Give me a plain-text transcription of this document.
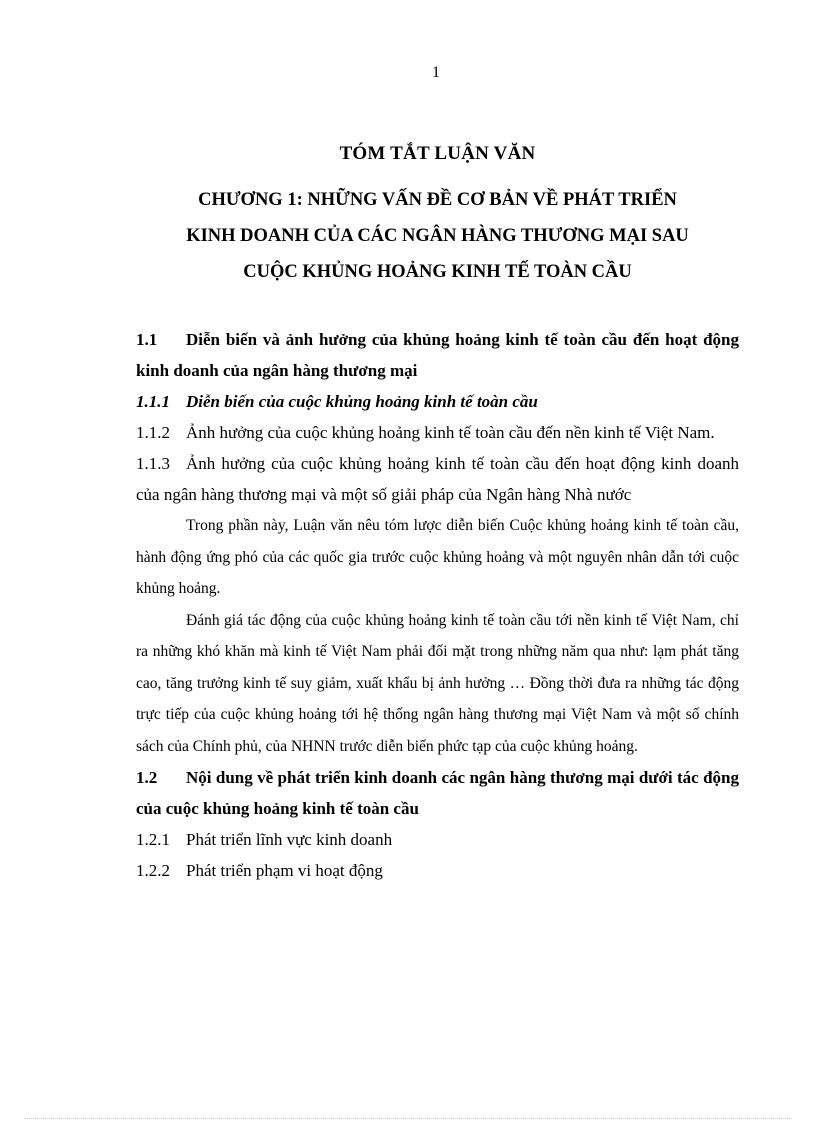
1
TÓM TẮT LUẬN VĂN
CHƯƠNG 1: NHỮNG VẤN ĐỀ CƠ BẢN VỀ PHÁT TRIỂN
KINH DOANH CỦA CÁC NGÂN HÀNG THƯƠNG MẠI SAU
CUỘC KHỦNG HOẢNG KINH TẾ TOÀN CẦU

1.1 Diễn biến và ảnh hưởng của khủng hoảng kinh tế toàn cầu đến hoạt động kinh doanh của ngân hàng thương mại

1.1.1 Diễn biến của cuộc khủng hoảng kinh tế toàn cầu

1.1.2 Ảnh hưởng của cuộc khủng hoảng kinh tế toàn cầu đến nền kinh tế Việt Nam.

1.1.3 Ảnh hưởng của cuộc khủng hoảng kinh tế toàn cầu đến hoạt động kinh doanh của ngân hàng thương mại và một số giải pháp của Ngân hàng Nhà nước

Trong phần này, Luận văn nêu tóm lược diễn biến Cuộc khủng hoảng kinh tế toàn cầu, hành động ứng phó của các quốc gia trước cuộc khủng hoảng và một nguyên nhân dẫn tới cuộc khủng hoảng.

Đánh giá tác động của cuộc khủng hoảng kinh tế toàn cầu tới nền kinh tế Việt Nam, chỉ ra những khó khăn mà kinh tế Việt Nam phải đối mặt trong những năm qua như: lạm phát tăng cao, tăng trưởng kinh tế suy giảm, xuất khẩu bị ảnh hưởng … Đồng thời đưa ra những tác động trực tiếp của cuộc khủng hoảng tới hệ thống ngân hàng thương mại Việt Nam và một số chính sách của Chính phủ, của NHNN trước diễn biến phức tạp của cuộc khủng hoảng.

1.2 Nội dung về phát triển kinh doanh các ngân hàng thương mại dưới tác động của cuộc khủng hoảng kinh tế toàn cầu

1.2.1 Phát triển lĩnh vực kinh doanh

1.2.2 Phát triển phạm vi hoạt động
